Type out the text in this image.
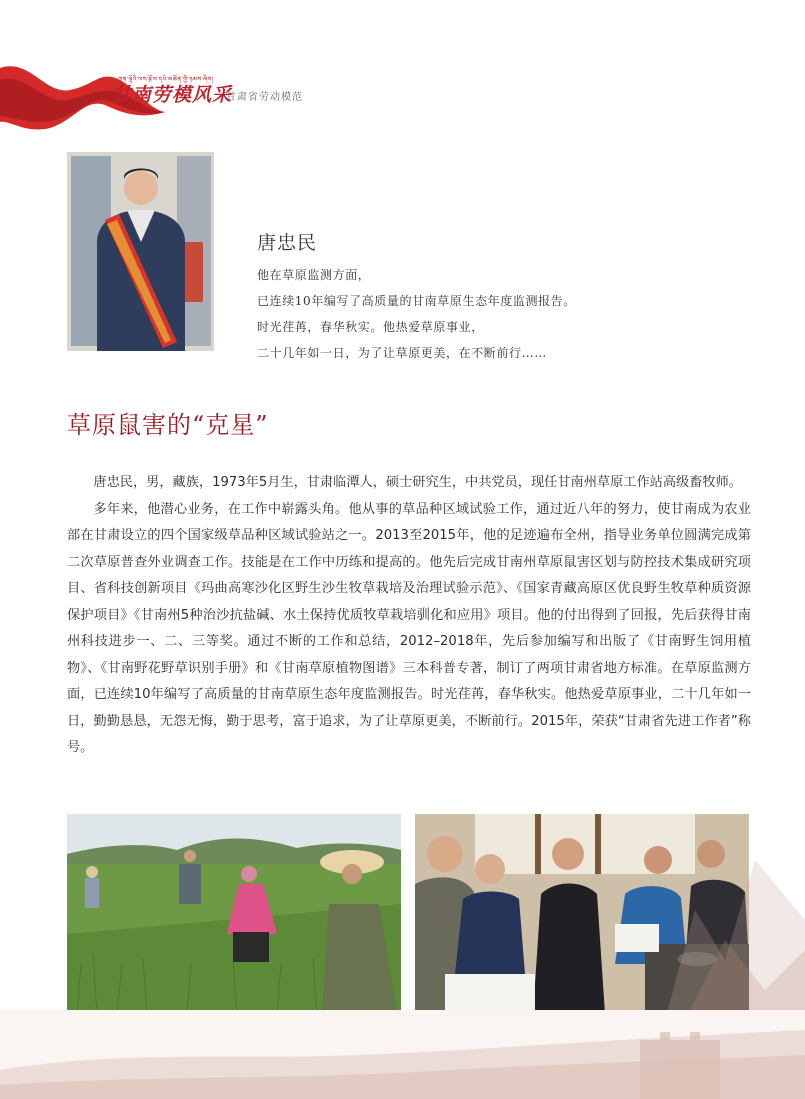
ཀན་ལྷོའི་ལས་རྩོལ་དཔེ་མཚོན་གྱི་ཉམས་ཞིབ།
甘南劳模风采
甘肃省劳动模范
唐忠民
他在草原监测方面，
已连续10年编写了高质量的甘南草原生态年度监测报告。
时光荏苒，春华秋实。他热爱草原事业，
二十几年如一日，为了让草原更美，在不断前行……
草原鼠害的“克星”

唐忠民，男，藏族，1973年5月生，甘肃临潭人，硕士研究生，中共党员，现任甘南州草原工作站高级畜牧师。

多年来，他潜心业务，在工作中崭露头角。他从事的草品种区域试验工作，通过近八年的努力，使甘南成为农业部在甘肃设立的四个国家级草品种区域试验站之一。2013至2015年，他的足迹遍布全州，指导业务单位圆满完成第二次草原普查外业调查工作。技能是在工作中历练和提高的。他先后完成甘南州草原鼠害区划与防控技术集成研究项目、省科技创新项目《玛曲高寒沙化区野生沙生牧草栽培及治理试验示范》、《国家青藏高原区优良野生牧草种质资源保护项目》《甘南州5种治沙抗盐碱、水土保持优质牧草栽培驯化和应用》项目。他的付出得到了回报，先后获得甘南州科技进步一、二、三等奖。通过不断的工作和总结，2012–2018年，先后参加编写和出版了《甘南野生饲用植物》、《甘南野花野草识别手册》和《甘南草原植物图谱》三本科普专著，制订了两项甘肃省地方标准。在草原监测方面，已连续10年编写了高质量的甘南草原生态年度监测报告。时光荏苒，春华秋实。他热爱草原事业，二十几年如一日，勤勤恳恳，无怨无悔，勤于思考，富于追求，为了让草原更美，不断前行。2015年，荣获“甘肃省先进工作者”称号。
